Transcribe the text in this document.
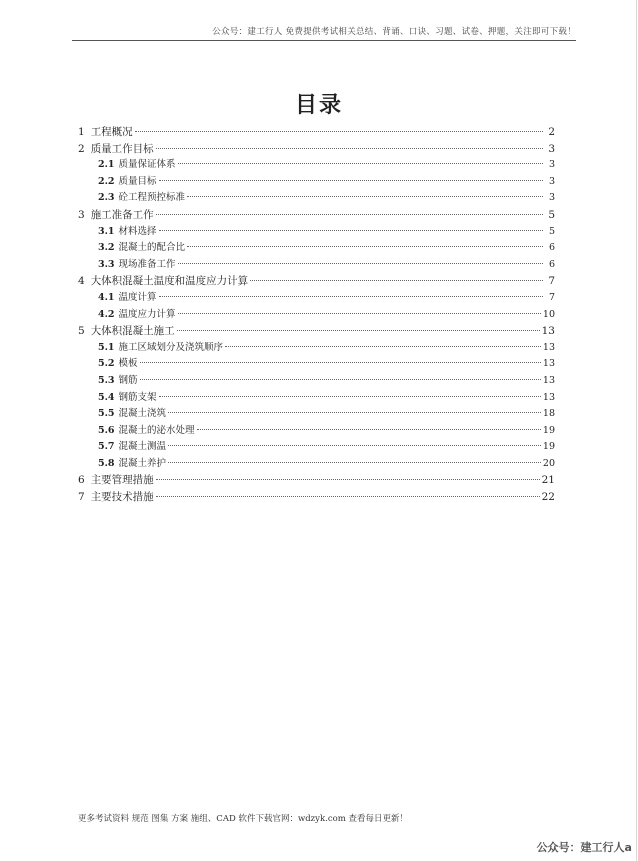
公众号：建工行人 免费提供考试相关总结、背诵、口诀、习题、试卷、押题，关注即可下载！
目录
1 工程概况	2
2 质量工作目标	3
2.1 质量保证体系	3
2.2 质量目标	3
2.3 砼工程预控标准	3
3 施工准备工作	5
3.1 材料选择	5
3.2 混凝土的配合比	6
3.3 现场准备工作	6
4 大体积混凝土温度和温度应力计算	7
4.1 温度计算	7
4.2 温度应力计算	10
5 大体积混凝土施工	13
5.1 施工区域划分及浇筑顺序	13
5.2 模板	13
5.3 钢筋	13
5.4 钢筋支架	13
5.5 混凝土浇筑	18
5.6 混凝土的泌水处理	19
5.7 混凝土测温	19
5.8 混凝土养护	20
6 主要管理措施	21
7 主要技术措施	22
更多考试资料 规范 图集 方案 施组、CAD 软件下载官网：wdzyk.com 查看每日更新！
公众号：建工行人a
